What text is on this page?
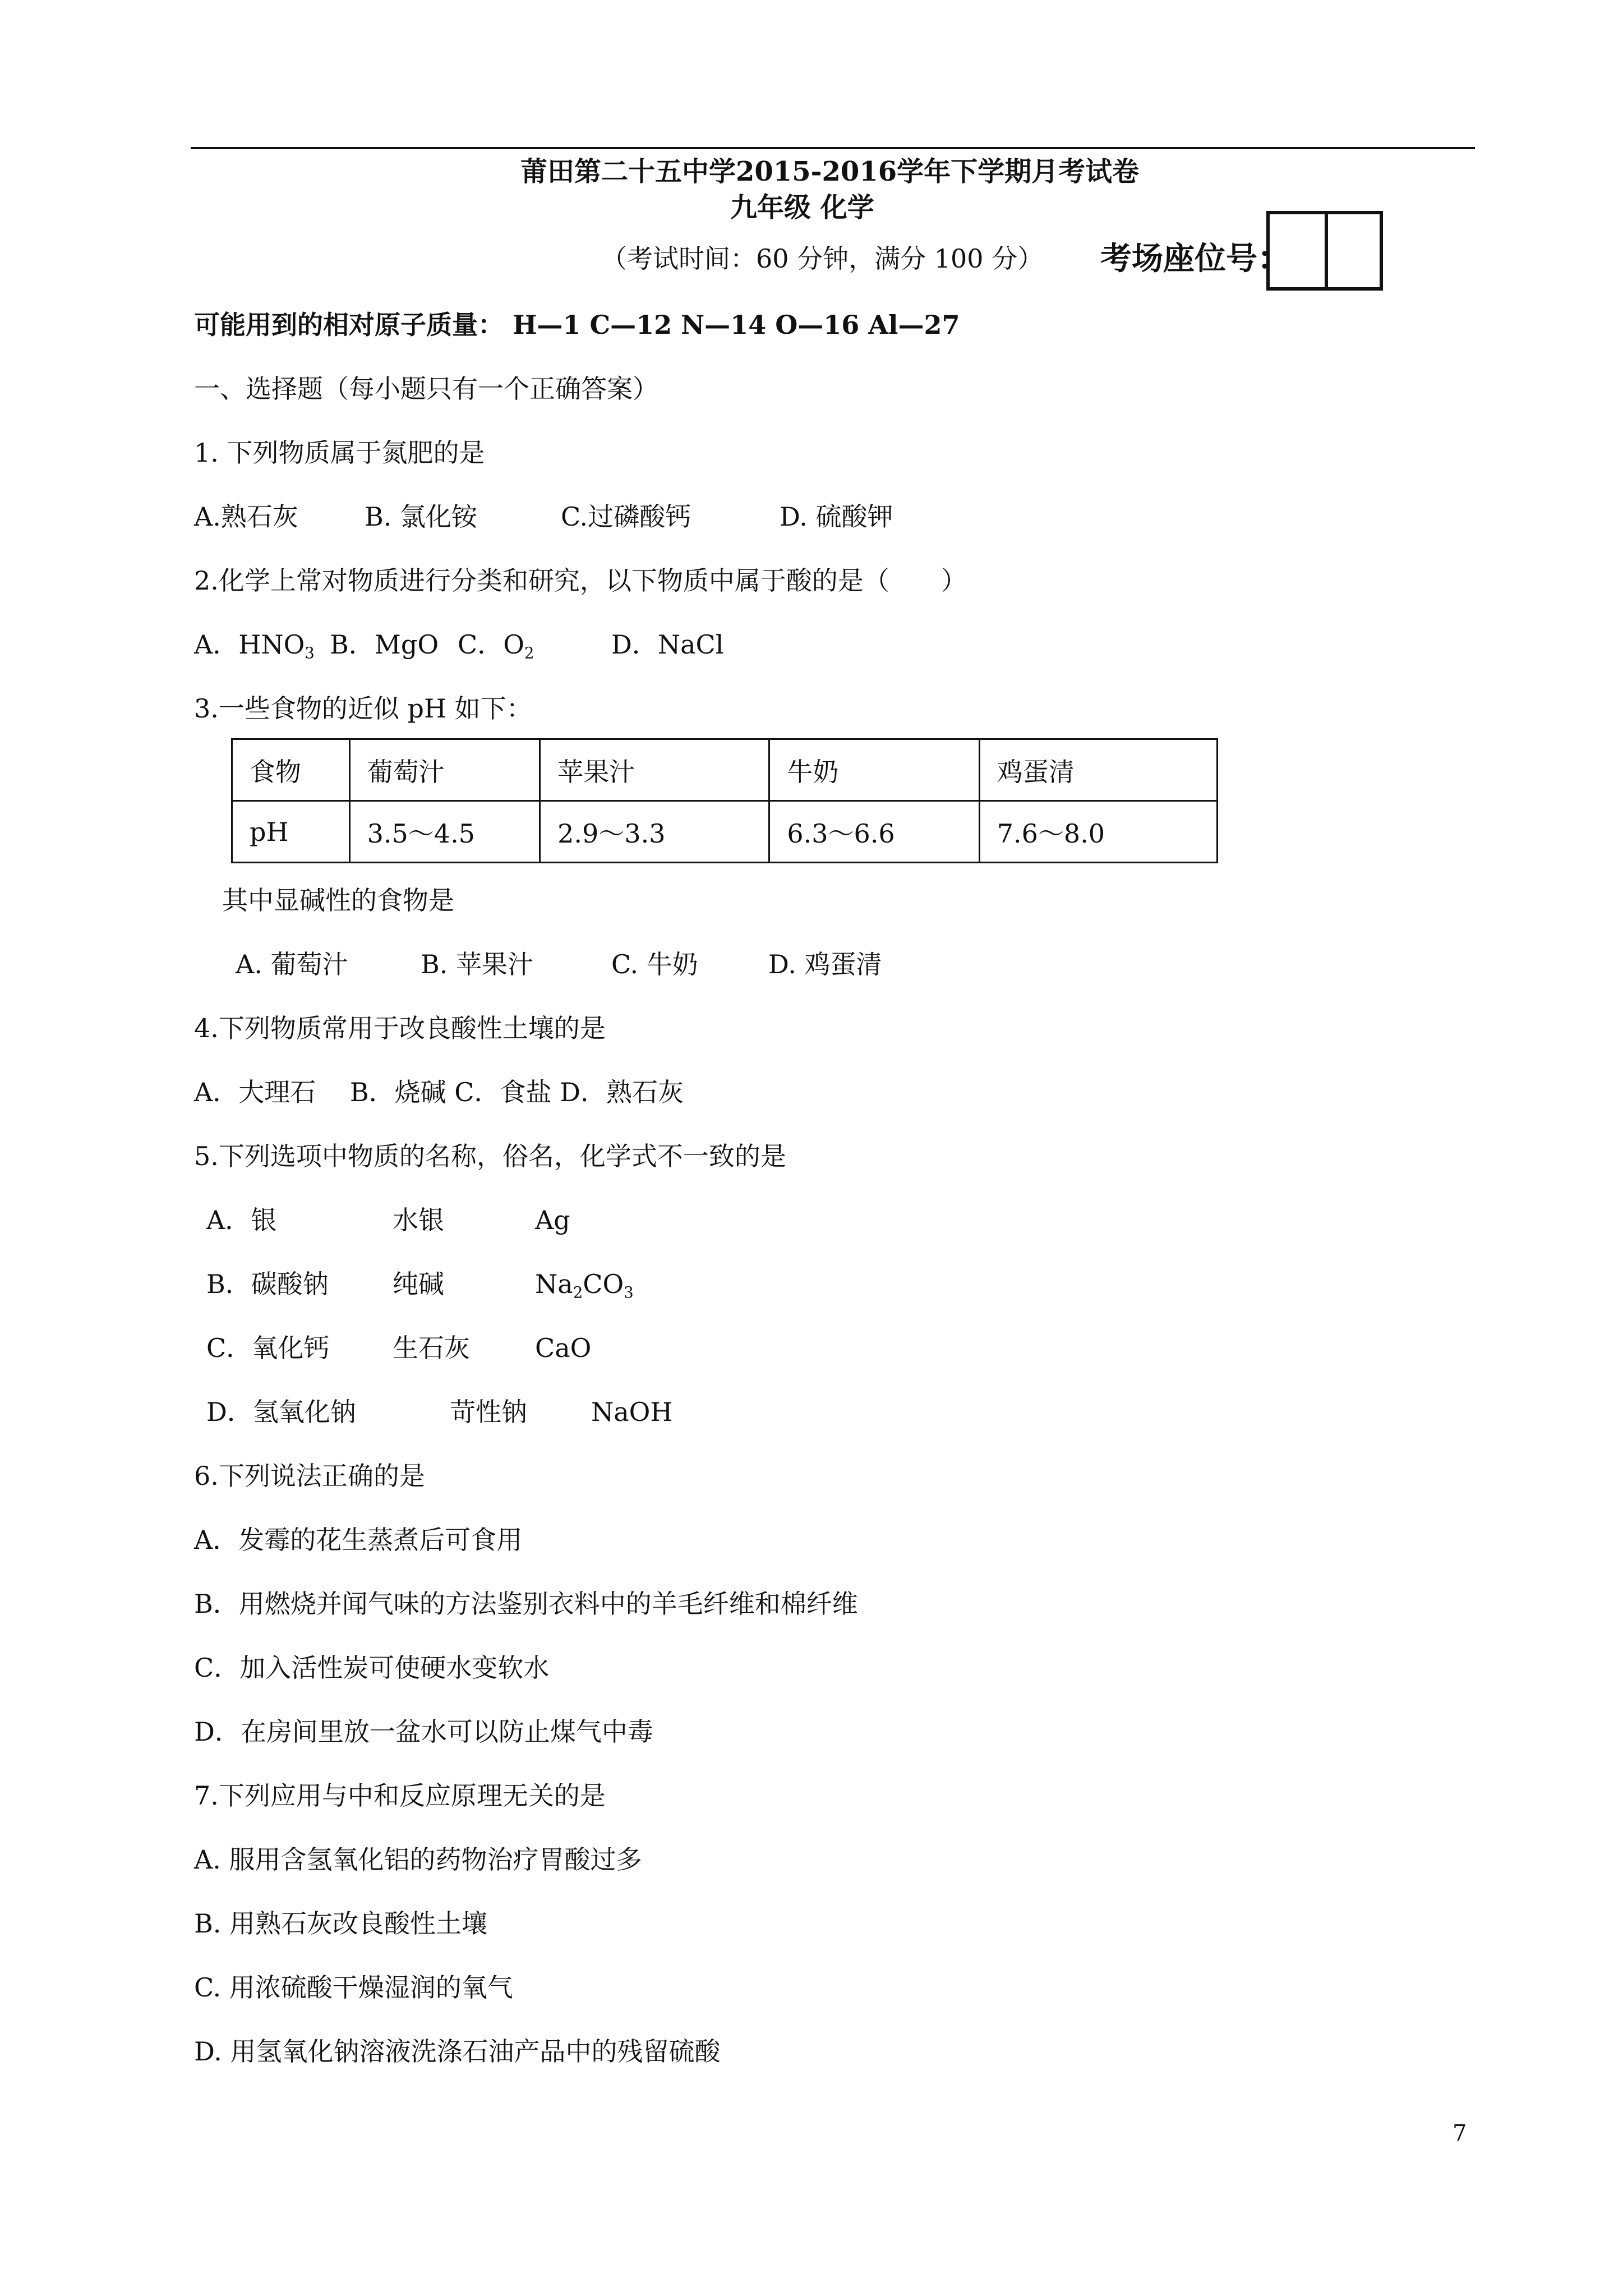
莆田第二十五中学2015-2016学年下学期月考试卷
九年级 化学
（考试时间：60 分钟，满分 100 分） 考场座位号：
可能用到的相对原子质量： H—1 C—12 N—14 O—16 Al—27
一、选择题（每小题只有一个正确答案）
1. 下列物质属于氮肥的是
A.熟石灰	B. 氯化铵	C.过磷酸钙	D. 硫酸钾
2.化学上常对物质进行分类和研究，以下物质中属于酸的是（　　）
A．$HNO_3$ B．MgO C．$O_2$	D．NaCl
3.一些食物的近似 pH 如下：
食物	葡萄汁	苹果汁	牛奶	鸡蛋清
pH	3.5～4.5	2.9～3.3	6.3～6.6	7.6～8.0
其中显碱性的食物是
A. 葡萄汁	B. 苹果汁	C. 牛奶	D. 鸡蛋清
4.下列物质常用于改良酸性土壤的是
A．大理石　 B．烧碱 C．食盐 D．熟石灰
5.下列选项中物质的名称，俗名，化学式不一致的是
A．银	水银	Ag
B．碳酸钠 纯碱	$Na_2CO_3$
C．氧化钙 生石灰	CaO
D．氢氧化钠	苛性钠 NaOH
6.下列说法正确的是
A．发霉的花生蒸煮后可食用
B．用燃烧并闻气味的方法鉴别衣料中的羊毛纤维和棉纤维
C．加入活性炭可使硬水变软水
D．在房间里放一盆水可以防止煤气中毒
7.下列应用与中和反应原理无关的是
A. 服用含氢氧化铝的药物治疗胃酸过多
B. 用熟石灰改良酸性土壤
C. 用浓硫酸干燥湿润的氧气
D. 用氢氧化钠溶液洗涤石油产品中的残留硫酸
7
